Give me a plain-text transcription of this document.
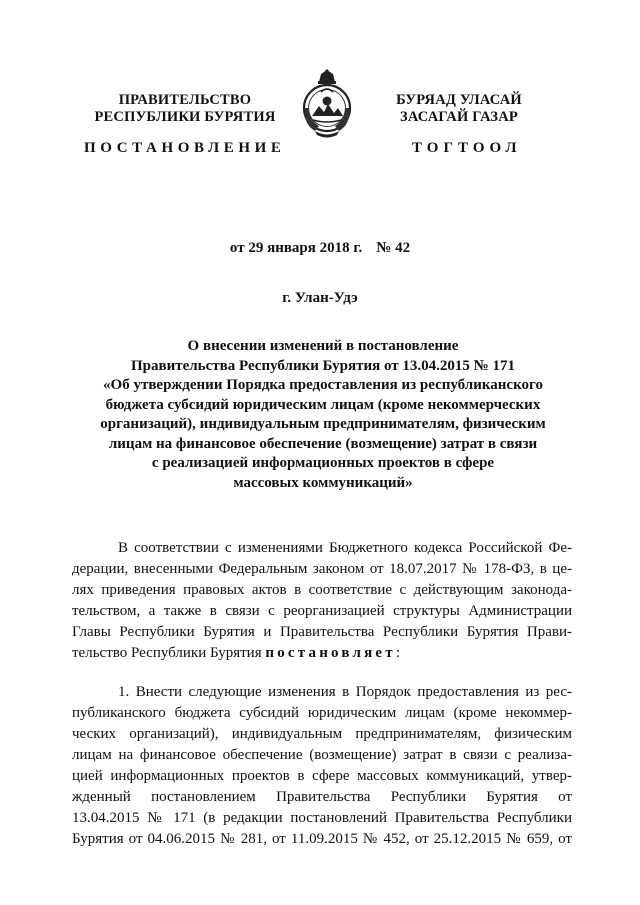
ПРАВИТЕЛЬСТВО
РЕСПУБЛИКИ БУРЯТИЯ
БУРЯАД УЛАСАЙ
ЗАСАГАЙ ГАЗАР
ПОСТАНОВЛЕНИЕ	ТОГТООЛ
от 29 января 2018 г. № 42
г. Улан-Удэ
О внесении изменений в постановление
Правительства Республики Бурятия от 13.04.2015 № 171
«Об утверждении Порядка предоставления из республиканского
бюджета субсидий юридическим лицам (кроме некоммерческих
организаций), индивидуальным предпринимателям, физическим
лицам на финансовое обеспечение (возмещение) затрат в связи
с реализацией информационных проектов в сфере
массовых коммуникаций»
В соответствии с изменениями Бюджетного кодекса Российской Фе-
дерации, внесенными Федеральным законом от 18.07.2017 № 178-ФЗ, в це-
лях приведения правовых актов в соответствие с действующим законода-
тельством, а также в связи с реорганизацией структуры Администрации
Главы Республики Бурятия и Правительства Республики Бурятия Прави-
тельство Республики Бурятия постановляет:
1. Внести следующие изменения в Порядок предоставления из рес-
публиканского бюджета субсидий юридическим лицам (кроме некоммер-
ческих организаций), индивидуальным предпринимателям, физическим
лицам на финансовое обеспечение (возмещение) затрат в связи с реализа-
цией информационных проектов в сфере массовых коммуникаций, утвер-
жденный постановлением Правительства Республики Бурятия от
13.04.2015 № 171 (в редакции постановлений Правительства Республики
Бурятия от 04.06.2015 № 281, от 11.09.2015 № 452, от 25.12.2015 № 659, от
